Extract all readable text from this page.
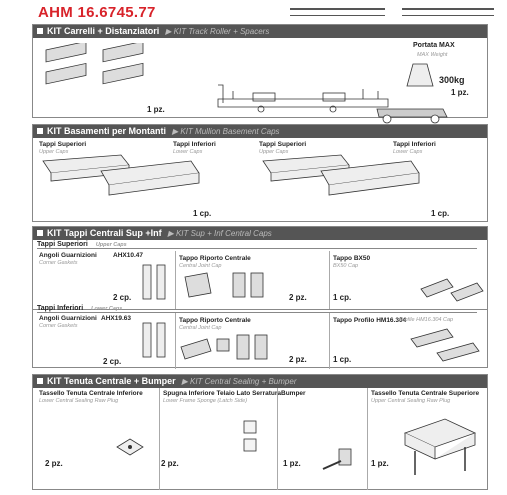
AHM 16.6745.77
KIT Carrelli + Distanziatori ▶ KIT Track Roller + Spacers
1 pz.
Portata MAX
MAX Weight
300kg
1 pz.
KIT Basamenti per Montanti ▶ KIT Mullion Basement Caps
Tappi Superiori
Upper Caps
Tappi Inferiori
Lower Caps
1 cp.
Tappi Superiori
Upper Caps
Tappi Inferiori
Lower Caps
1 cp.
KIT Tappi Centrali Sup +Inf ▶ KIT Sup + Inf Central Caps
Tappi Superiori Upper Caps
Angoli Guarnizioni
Corner Gaskets
AHX10.47
2 cp.
Tappo Riporto Centrale
Central Joint Cap
2 pz.
Tappo BX50
BX50 Cap
1 cp.
Tappi Inferiori Lower Caps
Angoli Guarnizioni
Corner Gaskets
AHX19.63
2 cp.
Tappo Riporto Centrale
Central Joint Cap
2 pz.
Tappo Profilo HM16.304
Profile HM16.304 Cap
1 cp.
KIT Tenuta Centrale + Bumper ▶ KIT Central Sealing + Bumper
Tassello Tenuta Centrale Inferiore
Lower Central Sealing Raw Plug
2 pz.
Spugna Inferiore Telaio Lato Serratura
Lower Frame Sponge (Latch Side)
2 pz.
Bumper
1 pz.
Tassello Tenuta Centrale Superiore
Upper Central Sealing Raw Plug
1 pz.
